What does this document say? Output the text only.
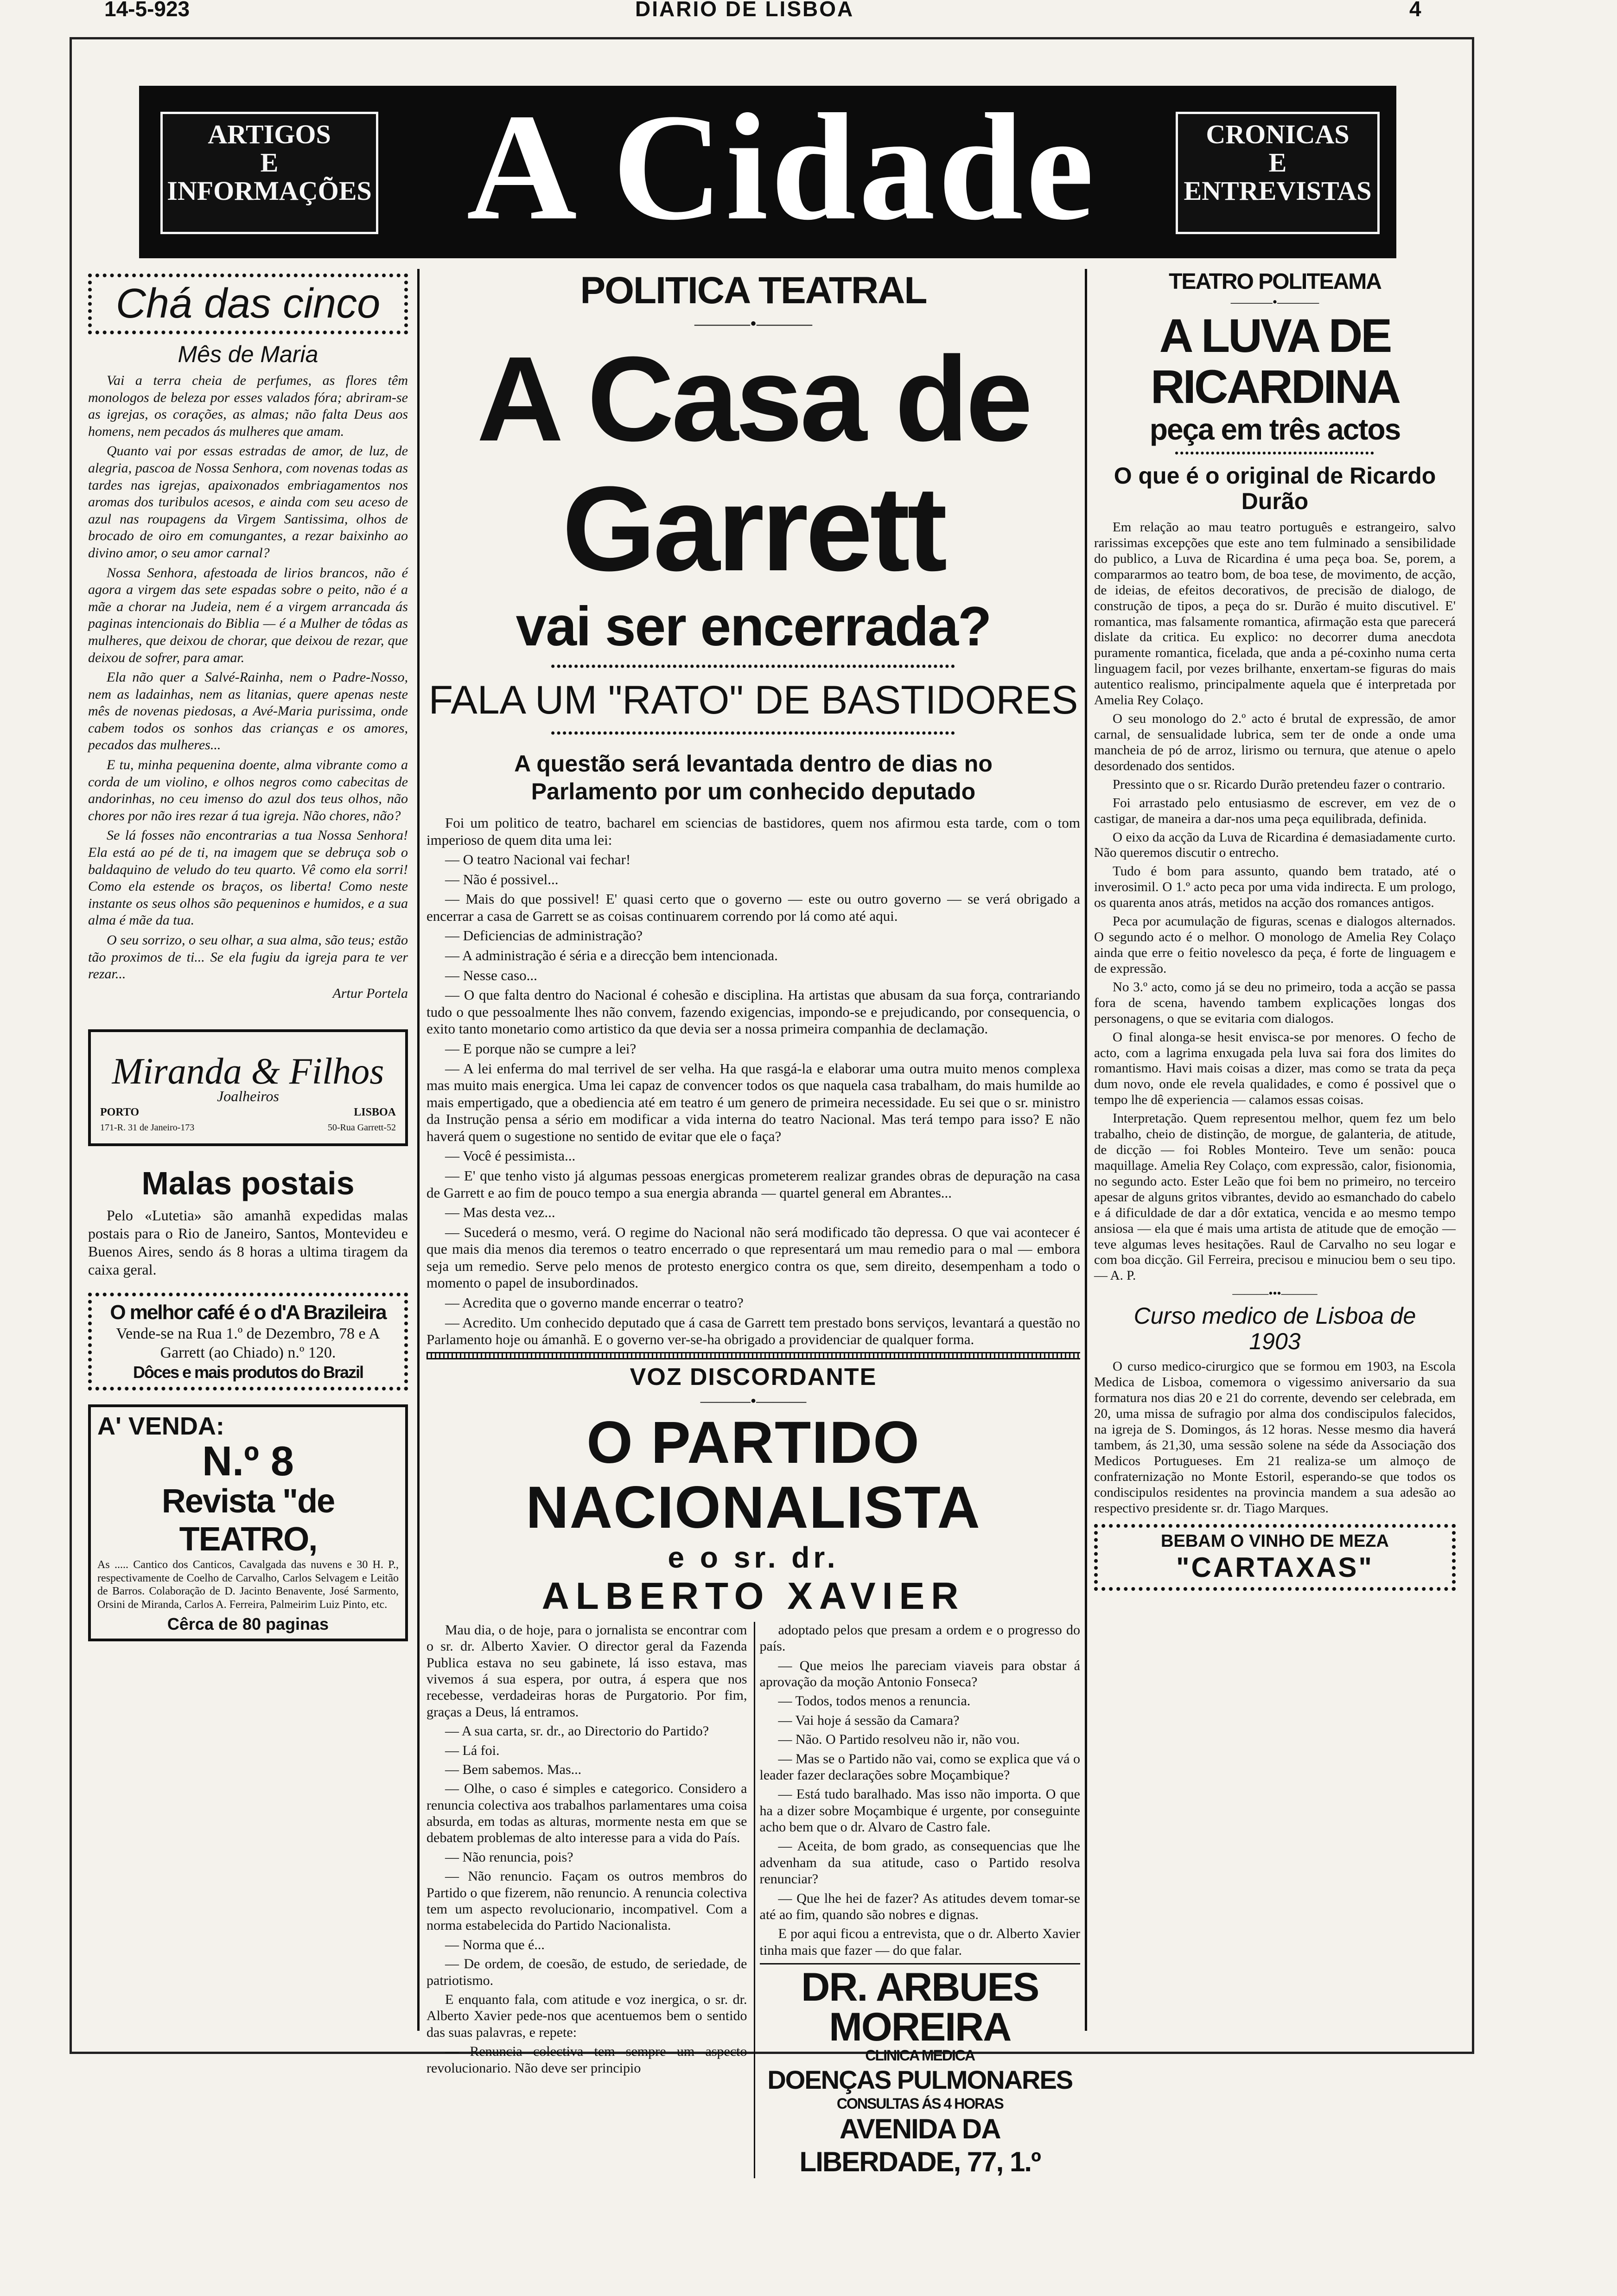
14-5-923	DIARIO DE LISBOA	4
ARTIGOS
E
INFORMAÇÕES A Cidade	CRONICAS
E
ENTREVISTAS
Chá das cinco
Mês de Maria

Vai a terra cheia de perfumes, as flores têm monologos de beleza por esses valados fóra; abriram-se as igrejas, os corações, as almas; não falta Deus aos homens, nem pecados ás mulheres que amam.

Quanto vai por essas estradas de amor, de luz, de alegria, pascoa de Nossa Senhora, com novenas todas as tardes nas igrejas, apaixonados embriagamentos nos aromas dos turibulos acesos, e ainda com seu aceso de azul nas roupagens da Virgem Santissima, olhos de brocado de oiro em comungantes, a rezar baixinho ao divino amor, o seu amor carnal?

Nossa Senhora, afestoada de lirios brancos, não é agora a virgem das sete espadas sobre o peito, não é a mãe a chorar na Judeia, nem é a virgem arrancada ás paginas intencionais do Biblia — é a Mulher de tôdas as mulheres, que deixou de chorar, que deixou de rezar, que deixou de sofrer, para amar.

Ela não quer a Salvé-Rainha, nem o Padre-Nosso, nem as ladainhas, nem as litanias, quere apenas neste mês de novenas piedosas, a Avé-Maria purissima, onde cabem todos os sonhos das crianças e os amores, pecados das mulheres...

E tu, minha pequenina doente, alma vibrante como a corda de um violino, e olhos negros como cabecitas de andorinhas, no ceu imenso do azul dos teus olhos, não chores por não ires rezar á tua igreja. Não chores, não?

Se lá fosses não encontrarias a tua Nossa Senhora! Ela está ao pé de ti, na imagem que se debruça sob o baldaquino de veludo do teu quarto. Vê como ela sorri! Como ela estende os braços, os liberta! Como neste instante os seus olhos são pequeninos e humidos, e a sua alma é mãe da tua.

O seu sorrizo, o seu olhar, a sua alma, são teus; estão tão proximos de ti... Se ela fugiu da igreja para te ver rezar...

Artur Portela
Miranda & Filhos
Joalheiros
PORTO	LISBOA
171-R. 31 de Janeiro-173	50-Rua Garrett-52
Malas postais

Pelo «Lutetia» são amanhã expedidas malas postais para o Rio de Janeiro, Santos, Montevideu e Buenos Aires, sendo ás 8 horas a ultima tiragem da caixa geral.

O melhor café é o d'A Brazileira
Vende-se na Rua 1.º de Dezembro, 78 e A Garrett (ao Chiado) n.º 120.
Dôces e mais produtos do Brazil
A' VENDA:
N.º 8
Revista "de TEATRO,
As ..... Cantico dos Canticos, Cavalgada das nuvens e 30 H. P., respectivamente de Coelho de Carvalho, Carlos Selvagem e Leitão de Barros. Colaboração de D. Jacinto Benavente, José Sarmento, Orsini de Miranda, Carlos A. Ferreira, Palmeirim Luiz Pinto, etc.
Cêrca de 80 paginas
POLITICA TEATRAL
———•———
A Casa de Garrett
vai ser encerrada?
••••••••••••••••••••••••••••••••••••••••••••••••••••••••••••••••••••••
FALA UM "RATO" DE BASTIDORES
••••••••••••••••••••••••••••••••••••••••••••••••••••••••••••••••••••••
A questão será levantada dentro de dias no Parlamento por um conhecido deputado

Foi um politico de teatro, bacharel em sciencias de bastidores, quem nos afirmou esta tarde, com o tom imperioso de quem dita uma lei:

— O teatro Nacional vai fechar!

— Não é possivel...

— Mais do que possivel! E' quasi certo que o governo — este ou outro governo — se verá obrigado a encerrar a casa de Garrett se as coisas continuarem correndo por lá como até aqui.

— Deficiencias de administração?

— A administração é séria e a direcção bem intencionada.

— Nesse caso...

— O que falta dentro do Nacional é cohesão e disciplina. Ha artistas que abusam da sua força, contrariando tudo o que pessoalmente lhes não convem, fazendo exigencias, impondo-se e prejudicando, por consequencia, o exito tanto monetario como artistico da que devia ser a nossa primeira companhia de declamação.

— E porque não se cumpre a lei?

— A lei enferma do mal terrivel de ser velha. Ha que rasgá-la e elaborar uma outra muito menos complexa mas muito mais energica. Uma lei capaz de convencer todos os que naquela casa trabalham, do mais humilde ao mais empertigado, que a obediencia até em teatro é um genero de primeira necessidade. Eu sei que o sr. ministro da Instrução pensa a sério em modificar a vida interna do teatro Nacional. Mas terá tempo para isso? E não haverá quem o sugestione no sentido de evitar que ele o faça?

— Você é pessimista...

— E' que tenho visto já algumas pessoas energicas prometerem realizar grandes obras de depuração na casa de Garrett e ao fim de pouco tempo a sua energia abranda — quartel general em Abrantes...

— Mas desta vez...

— Sucederá o mesmo, verá. O regime do Nacional não será modificado tão depressa. O que vai acontecer é que mais dia menos dia teremos o teatro encerrado o que representará um mau remedio para o mal — embora seja um remedio. Serve pelo menos de protesto energico contra os que, sem direito, desempenham a todo o momento o papel de insubordinados.

— Acredita que o governo mande encerrar o teatro?

— Acredito. Um conhecido deputado que á casa de Garrett tem prestado bons serviços, levantará a questão no Parlamento hoje ou ámanhã. E o governo ver-se-ha obrigado a providenciar de qualquer forma.

VOZ DISCORDANTE
———•———
O PARTIDO NACIONALISTA
e o sr. dr.
ALBERTO XAVIER

Mau dia, o de hoje, para o jornalista se encontrar com o sr. dr. Alberto Xavier. O director geral da Fazenda Publica estava no seu gabinete, lá isso estava, mas vivemos á sua espera, por outra, á espera que nos recebesse, verdadeiras horas de Purgatorio. Por fim, graças a Deus, lá entramos.

— A sua carta, sr. dr., ao Directorio do Partido?

— Lá foi.

— Bem sabemos. Mas...

— Olhe, o caso é simples e categorico. Considero a renuncia colectiva aos trabalhos parlamentares uma coisa absurda, em todas as alturas, mormente nesta em que se debatem problemas de alto interesse para a vida do País.

— Não renuncia, pois?

— Não renuncio. Façam os outros membros do Partido o que fizerem, não renuncio. A renuncia colectiva tem um aspecto revolucionario, incompativel. Com a norma estabelecida do Partido Nacionalista.

— Norma que é...

— De ordem, de coesão, de estudo, de seriedade, de patriotismo.

E enquanto fala, com atitude e voz inergica, o sr. dr. Alberto Xavier pede-nos que acentuemos bem o sentido das suas palavras, e repete:

— Renuncia colectiva tem sempre um aspecto revolucionario. Não deve ser principio

adoptado pelos que presam a ordem e o progresso do país.

— Que meios lhe pareciam viaveis para obstar á aprovação da moção Antonio Fonseca?

— Todos, todos menos a renuncia.

— Vai hoje á sessão da Camara?

— Não. O Partido resolveu não ir, não vou.

— Mas se o Partido não vai, como se explica que vá o leader fazer declarações sobre Moçambique?

— Está tudo baralhado. Mas isso não importa. O que ha a dizer sobre Moçambique é urgente, por conseguinte acho bem que o dr. Alvaro de Castro fale.

— Aceita, de bom grado, as consequencias que lhe advenham da sua atitude, caso o Partido resolva renunciar?

— Que lhe hei de fazer? As atitudes devem tomar-se até ao fim, quando são nobres e dignas.

E por aqui ficou a entrevista, que o dr. Alberto Xavier tinha mais que fazer — do que falar.

DR. ARBUES MOREIRA
CLINICA MEDICA
DOENÇAS PULMONARES
CONSULTAS ÁS 4 HORAS
AVENIDA DA LIBERDADE, 77, 1.º
TEATRO POLITEAMA
———•———
A LUVA DE RICARDINA
peça em três actos
•••••••••••••••••••••••••••••••••••••••
O que é o original de Ricardo Durão

Em relação ao mau teatro português e estrangeiro, salvo rarissimas excepções que este ano tem fulminado a sensibilidade do publico, a Luva de Ricardina é uma peça boa. Se, porem, a compararmos ao teatro bom, de boa tese, de movimento, de acção, de ideias, de efeitos decorativos, de precisão de dialogo, de construção de tipos, a peça do sr. Durão é muito discutivel. E' romantica, mas falsamente romantica, afirmação esta que parecerá dislate da critica. Eu explico: no decorrer duma anecdota puramente romantica, ficelada, que anda a pé-coxinho numa certa linguagem facil, por vezes brilhante, enxertam-se figuras do mais autentico realismo, principalmente aquela que é interpretada por Amelia Rey Colaço.

O seu monologo do 2.º acto é brutal de expressão, de amor carnal, de sensualidade lubrica, sem ter de onde a onde uma mancheia de pó de arroz, lirismo ou ternura, que atenue o apelo desordenado dos sentidos.

Pressinto que o sr. Ricardo Durão pretendeu fazer o contrario.

Foi arrastado pelo entusiasmo de escrever, em vez de o castigar, de maneira a dar-nos uma peça equilibrada, definida.

O eixo da acção da Luva de Ricardina é demasiadamente curto. Não queremos discutir o entrecho.

Tudo é bom para assunto, quando bem tratado, até o inverosimil. O 1.º acto peca por uma vida indirecta. E um prologo, os quarenta anos atrás, metidos na acção dos romances antigos.

Peca por acumulação de figuras, scenas e dialogos alternados. O segundo acto é o melhor. O monologo de Amelia Rey Colaço ainda que erre o feitio novelesco da peça, é forte de linguagem e de expressão.

No 3.º acto, como já se deu no primeiro, toda a acção se passa fora de scena, havendo tambem explicações longas dos personagens, o que se evitaria com dialogos.

O final alonga-se hesit envisca-se por menores. O fecho de acto, com a lagrima enxugada pela luva sai fora dos limites do romantismo. Havi mais coisas a dizer, mas como se trata da peça dum novo, onde ele revela qualidades, e como é possivel que o tempo lhe dê experiencia — calamos essas coisas.

Interpretação. Quem representou melhor, quem fez um belo trabalho, cheio de distinção, de morgue, de galanteria, de atitude, de dicção — foi Robles Monteiro. Teve um senão: pouca maquillage. Amelia Rey Colaço, com expressão, calor, fisionomia, no segundo acto. Ester Leão que foi bem no primeiro, no terceiro apesar de alguns gritos vibrantes, devido ao esmanchado do cabelo e á dificuldade de dar a dôr extatica, vencida e ao mesmo tempo ansiosa — ela que é mais uma artista de atitude que de emoção — teve algumas leves hesitações. Raul de Carvalho no seu logar e com boa dicção. Gil Ferreira, precisou e minuciou bem o seu tipo. — A. P.

———•••———
Curso medico de Lisboa de 1903

O curso medico-cirurgico que se formou em 1903, na Escola Medica de Lisboa, comemora o vigessimo aniversario da sua formatura nos dias 20 e 21 do corrente, devendo ser celebrada, em 20, uma missa de sufragio por alma dos condiscipulos falecidos, na igreja de S. Domingos, ás 12 horas. Nesse mesmo dia haverá tambem, ás 21,30, uma sessão solene na séde da Associação dos Medicos Portugueses. Em 21 realiza-se um almoço de confraternização no Monte Estoril, esperando-se que todos os condiscipulos residentes na provincia mandem a sua adesão ao respectivo presidente sr. dr. Tiago Marques.

BEBAM O VINHO DE MEZA
"CARTAXAS"
